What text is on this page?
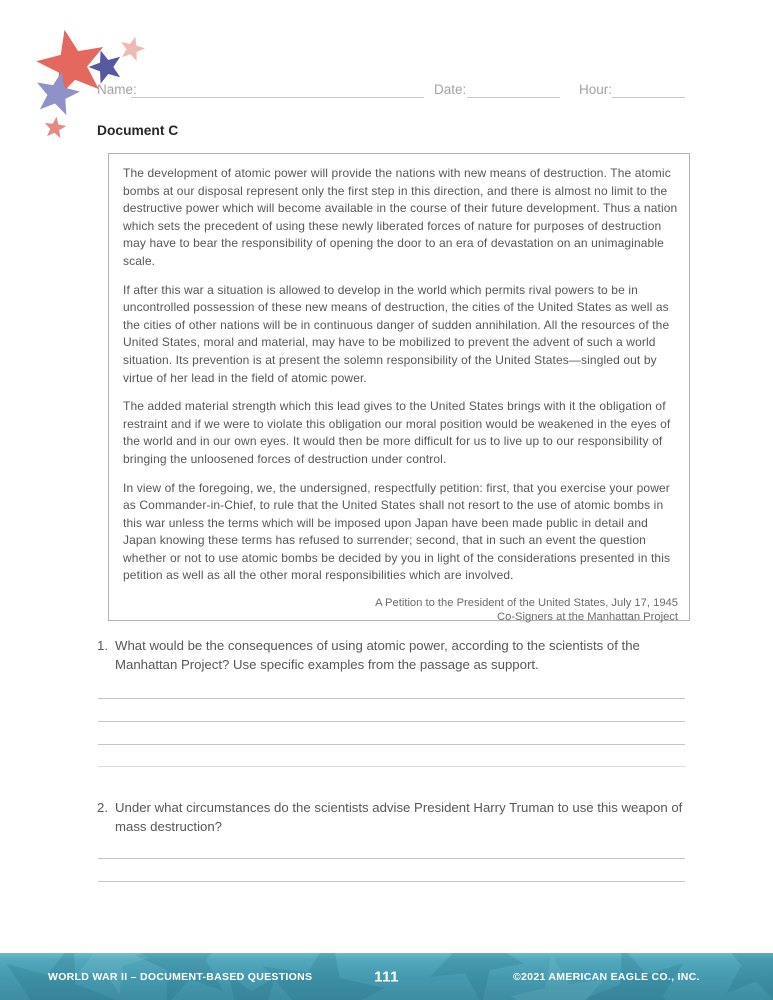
Name:	Date:	Hour:
Document C

The development of atomic power will provide the nations with new means of destruction. The atomic bombs at our disposal represent only the first step in this direction, and there is almost no limit to the destructive power which will become available in the course of their future development. Thus a nation which sets the precedent of using these newly liberated forces of nature for purposes of destruction may have to bear the responsibility of opening the door to an era of devastation on an unimaginable scale.

If after this war a situation is allowed to develop in the world which permits rival powers to be in uncontrolled possession of these new means of destruction, the cities of the United States as well as the cities of other nations will be in continuous danger of sudden annihilation. All the resources of the United States, moral and material, may have to be mobilized to prevent the advent of such a world situation. Its prevention is at present the solemn responsibility of the United States—singled out by virtue of her lead in the field of atomic power.

The added material strength which this lead gives to the United States brings with it the obligation of restraint and if we were to violate this obligation our moral position would be weakened in the eyes of the world and in our own eyes. It would then be more difficult for us to live up to our responsibility of bringing the unloosened forces of destruction under control.

In view of the foregoing, we, the undersigned, respectfully petition: first, that you exercise your power as Commander-in-Chief, to rule that the United States shall not resort to the use of atomic bombs in this war unless the terms which will be imposed upon Japan have been made public in detail and Japan knowing these terms has refused to surrender; second, that in such an event the question whether or not to use atomic bombs be decided by you in light of the considerations presented in this petition as well as all the other moral responsibilities which are involved.

A Petition to the President of the United States, July 17, 1945
Co-Signers at the Manhattan Project
1. What would be the consequences of using atomic power, according to the scientists of the Manhattan Project? Use specific examples from the passage as support.
2. Under what circumstances do the scientists advise President Harry Truman to use this weapon of mass destruction?
WORLD WAR II – DOCUMENT-BASED QUESTIONS	111	©2021 AMERICAN EAGLE CO., INC.
